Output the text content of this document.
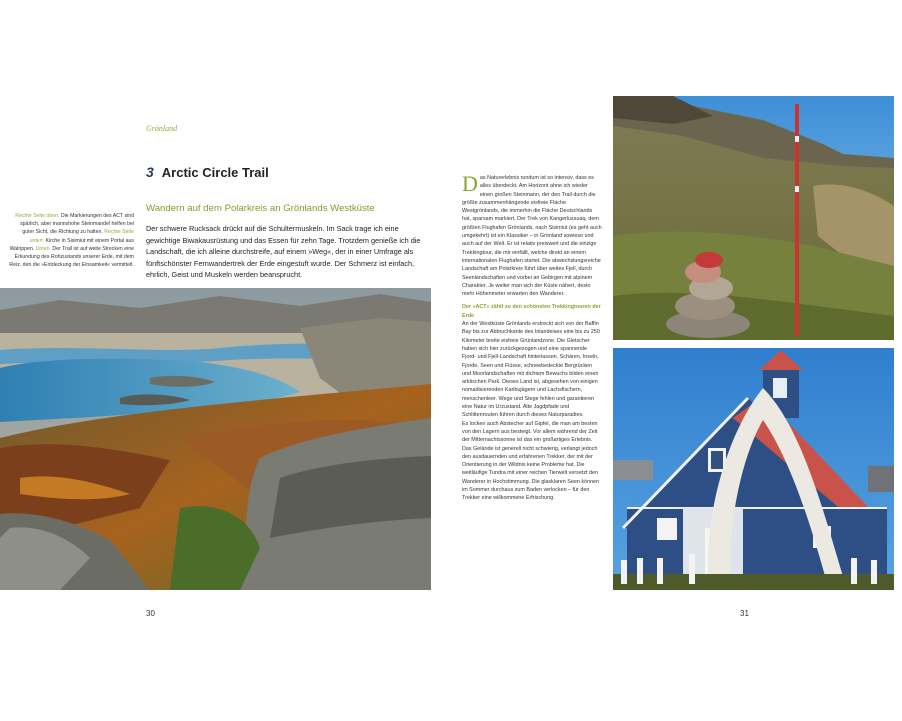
Grönland
3 Arctic Circle Trail
Wandern auf dem Polarkreis an Grönlands Westküste
Der schwere Rucksack drückt auf die Schultermuskeln. Im Sack trage ich eine gewichtige Biwakausrüstung und das Essen für zehn Tage. Trotzdem genieße ich die Landschaft, die ich alleine durchstreife, auf einem »Weg«, der in einer Umfrage als fünftschönster Fernwandertrek der Erde eingestuft wurde. Der Schmerz ist einfach, ehrlich, Geist und Muskeln werden beansprucht.
Rechte Seite oben: Die Markierungen des ACT sind spärlich, aber mannshohe Steinmandel helfen bei guter Sicht, die Richtung zu halten. Rechte Seite unten: Kirche in Sisimiut mit einem Portal aus Walrippen. Unten: Der Trail ist auf weite Strecken eine Erkundung des Rohzustands unserer Erde, mit dem Reiz, den die »Entdeckung der Einsamkeit« vermittelt.
30

Das Naturerlebnis rundum ist so intensiv, dass es alles überdeckt. Am Horizont ahne ich wieder einen großen Steinmann, der den Trail durch die größte zusammenhängende eisfreie Fläche Westgrönlands, die immerhin die Fläche Deutschlands hat, sparsam markiert. Der Trek von Kangerlussuaq, dem größten Flughafen Grönlands, nach Sisimiut (es geht auch umgekehrt) ist ein Klassiker – in Grönland sowieso und auch auf der Welt. Er ist relativ preiswert und die einzige Trekkingtour, die mir einfällt, welche direkt an einem internationalen Flughafen startet. Die abwechslungsreiche Landschaft am Polarkreis führt über weites Fjell, durch Seenlandschaften und vorbei an Gebirgen mit alpinem Charakter. Je weiter man sich der Küste nähert, desto mehr Höhenmeter erwarten den Wanderer.

Der »ACT« zählt zu den schönsten Trekkingtouren der Erde

An der Westküste Grönlands erstreckt sich von der Baffin Bay bis zur Abbruchkante des Inlandeises eine bis zu 250 Kilometer breite eisfreie Grünlandzone. Die Gletscher haben sich hier zurückgezogen und eine spannende Fjord- und Fjell-Landschaft hinterlassen. Schären, Inseln, Fjorde, Seen und Flüsse, schneebedeckte Bergrücken und Moorlandschaften mit dichtem Bewuchs bilden einen arktischen Park. Dieses Land ist, abgesehen von einigen nomadisierenden Karibujägern und Lachsfischern, menschenleer. Wege und Stege fehlen und garantieren eine Natur im Urzustand. Alte Jagdpfade und Schlittenrouten führen durch dieses Naturparadies.

Es locken auch Abstecher auf Gipfel, die man am besten von den Lagern aus besteigt. Vor allem während der Zeit der Mitternachtssonne ist das ein großartiges Erlebnis. Das Gelände ist generell nicht schwierig, verlangt jedoch den ausdauernden und erfahrenen Trekker, der mit der Orientierung in der Wildnis keine Probleme hat. Die weitläufige Tundra mit einer reichen Tierwelt versetzt den Wanderer in Hochstimmung. Die glasklaren Seen können im Sommer durchaus zum Baden verlocken – für den Trekker eine willkommene Erfrischung.

31
